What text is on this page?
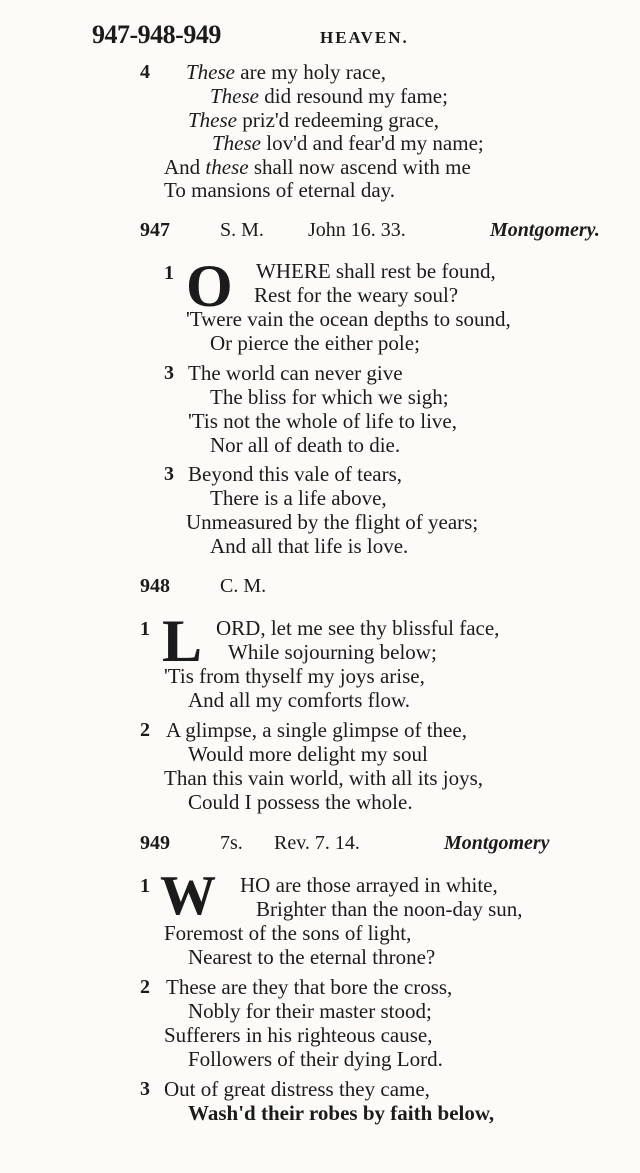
947-948-949	HEAVEN.
4 These are my holy race,
These did resound my fame;
These priz'd redeeming grace,
These lov'd and fear'd my name;
And these shall now ascend with me
To mansions of eternal day.
947	S. M. John 16. 33.	Montgomery.
1 O WHERE shall rest be found,
Rest for the weary soul?
'Twere vain the ocean depths to sound,
Or pierce the either pole;
3 The world can never give
The bliss for which we sigh;
'Tis not the whole of life to live,
Nor all of death to die.
3 Beyond this vale of tears,
There is a life above,
Unmeasured by the flight of years;
And all that life is love.
948	C. M.
1 L ORD, let me see thy blissful face,
While sojourning below;
'Tis from thyself my joys arise,
And all my comforts flow.
2 A glimpse, a single glimpse of thee,
Would more delight my soul
Than this vain world, with all its joys,
Could I possess the whole.
949	7s. Rev. 7. 14.	Montgomery
1 W HO are those arrayed in white,
Brighter than the noon-day sun,
Foremost of the sons of light,
Nearest to the eternal throne?
2 These are they that bore the cross,
Nobly for their master stood;
Sufferers in his righteous cause,
Followers of their dying Lord.
3 Out of great distress they came,
Wash'd their robes by faith below,
